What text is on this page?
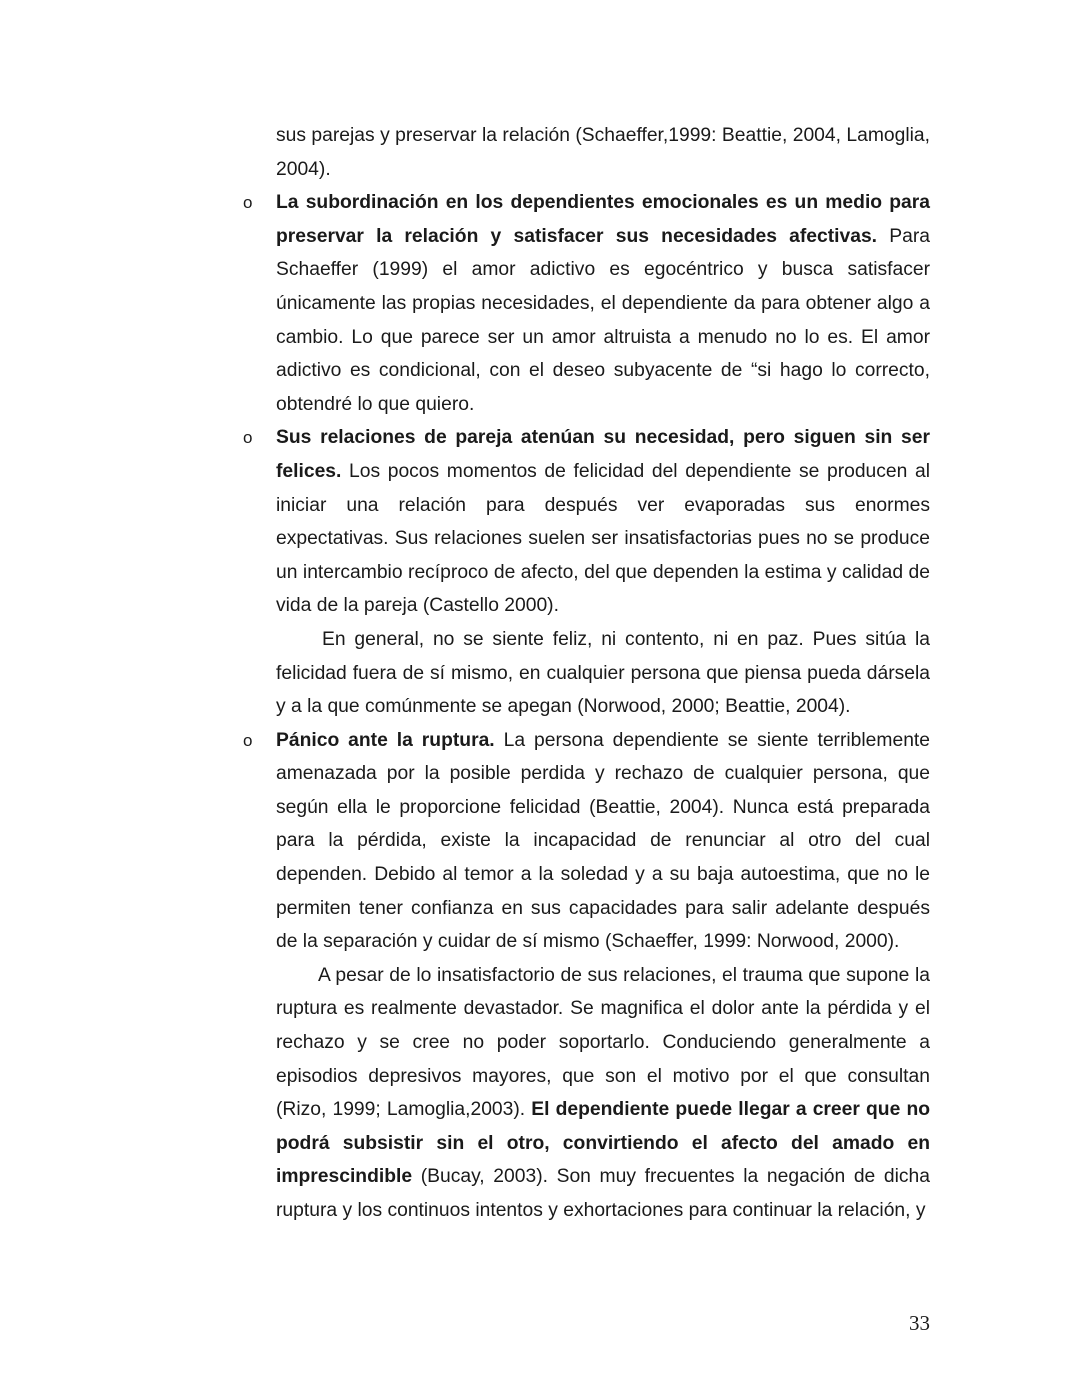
sus parejas y preservar la relación (Schaeffer,1999: Beattie, 2004, Lamoglia, 2004).

o La subordinación en los dependientes emocionales es un medio para preservar la relación y satisfacer sus necesidades afectivas. Para Schaeffer (1999) el amor adictivo es egocéntrico y busca satisfacer únicamente las propias necesidades, el dependiente da para obtener algo a cambio. Lo que parece ser un amor altruista a menudo no lo es. El amor adictivo es condicional, con el deseo subyacente de “si hago lo correcto, obtendré lo que quiero.

o Sus relaciones de pareja atenúan su necesidad, pero siguen sin ser felices. Los pocos momentos de felicidad del dependiente se producen al iniciar una relación para después ver evaporadas sus enormes expectativas. Sus relaciones suelen ser insatisfactorias pues no se produce un intercambio recíproco de afecto, del que dependen la estima y calidad de vida de la pareja (Castello 2000).

En general, no se siente feliz, ni contento, ni en paz. Pues sitúa la felicidad fuera de sí mismo, en cualquier persona que piensa pueda dársela y a la que comúnmente se apegan (Norwood, 2000; Beattie, 2004).

o Pánico ante la ruptura. La persona dependiente se siente terriblemente amenazada por la posible perdida y rechazo de cualquier persona, que según ella le proporcione felicidad (Beattie, 2004). Nunca está preparada para la pérdida, existe la incapacidad de renunciar al otro del cual dependen. Debido al temor a la soledad y a su baja autoestima, que no le permiten tener confianza en sus capacidades para salir adelante después de la separación y cuidar de sí mismo (Schaeffer, 1999: Norwood, 2000).

A pesar de lo insatisfactorio de sus relaciones, el trauma que supone la ruptura es realmente devastador. Se magnifica el dolor ante la pérdida y el rechazo y se cree no poder soportarlo. Conduciendo generalmente a episodios depresivos mayores, que son el motivo por el que consultan (Rizo, 1999; Lamoglia,2003). El dependiente puede llegar a creer que no podrá subsistir sin el otro, convirtiendo el afecto del amado en imprescindible (Bucay, 2003). Son muy frecuentes la negación de dicha ruptura y los continuos intentos y exhortaciones para continuar la relación, y

33
